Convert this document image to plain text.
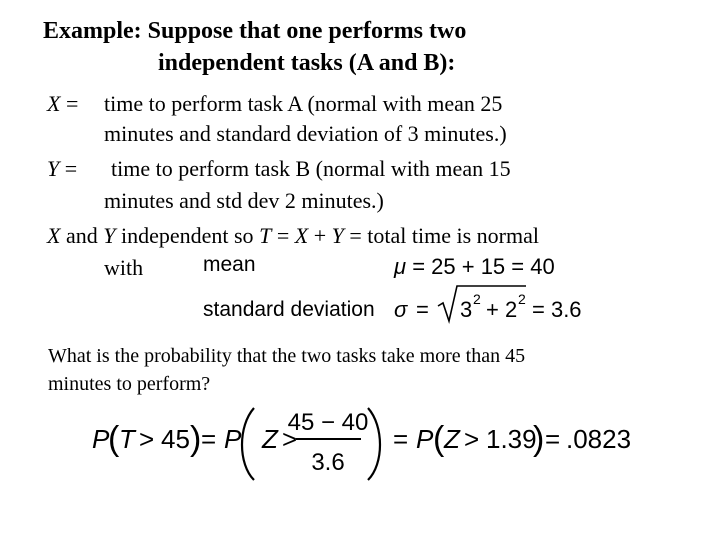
Example: Suppose that one performs two
independent tasks (A and B):
X = time to perform task A (normal with mean 25
minutes and standard deviation of 3 minutes.)
Y = time to perform task B (normal with mean 15
minutes and std dev 2 minutes.)
X and Y independent so T = X + Y = total time is normal
with	mean	μ = 25 + 15 = 40
standard deviation σ = 3 2 + 2 2 = 3.6
What is the probability that the two tasks take more than 45
minutes to perform?
P
( T > 45 ) = P Z >
45 − 40
3.6
= P ( Z > 1.39
) = .0823
